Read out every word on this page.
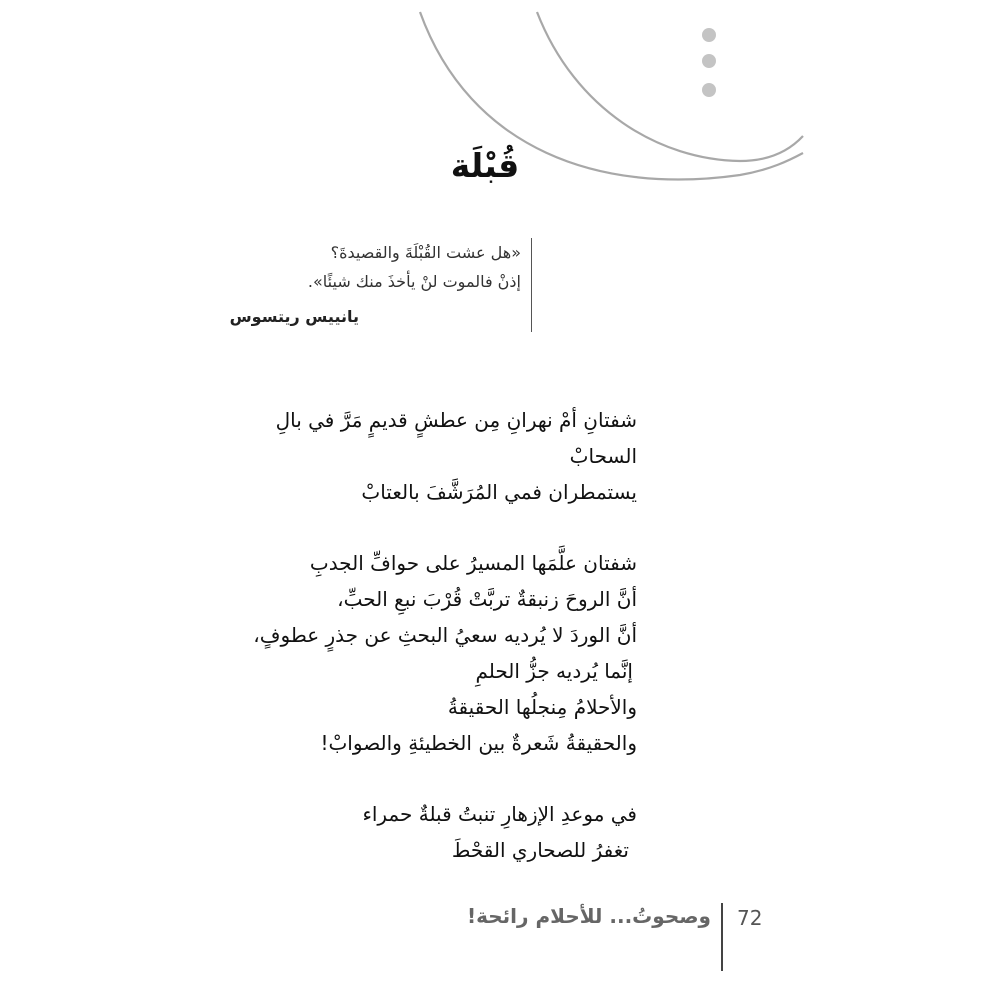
قُبْلَة

«هل عشت القُبْلَةَ والقصيدةَ؟

إذنْ فالموت لنْ يأخذَ منك شيئًا».

يانييس ريتسوس
شفتانِ أمْ نهرانِ مِن عطشٍ قديمٍ مَرَّ في بالِ
السحابْ
يستمطران فمي المُرَشَّفَ بالعتابْ
شفتان علَّمَها المسيرُ على حوافِّ الجدبِ
أنَّ الروحَ زنبقةٌ تربَّتْ قُرْبَ نبعِ الحبِّ،
أنَّ الوردَ لا يُرديه سعيُ البحثِ عن جذرٍ عطوفٍ،
إنَّما يُرديه جزُّ الحلمِ
والأحلامُ مِنجلُها الحقيقةُ
والحقيقةُ شَعرةٌ بين الخطيئةِ والصوابْ!
في موعدِ الإزهارِ تنبتُ قبلةٌ حمراء
تغفرُ للصحاري القحْطَ
72
وصحوتُ... للأحلام رائحة!
